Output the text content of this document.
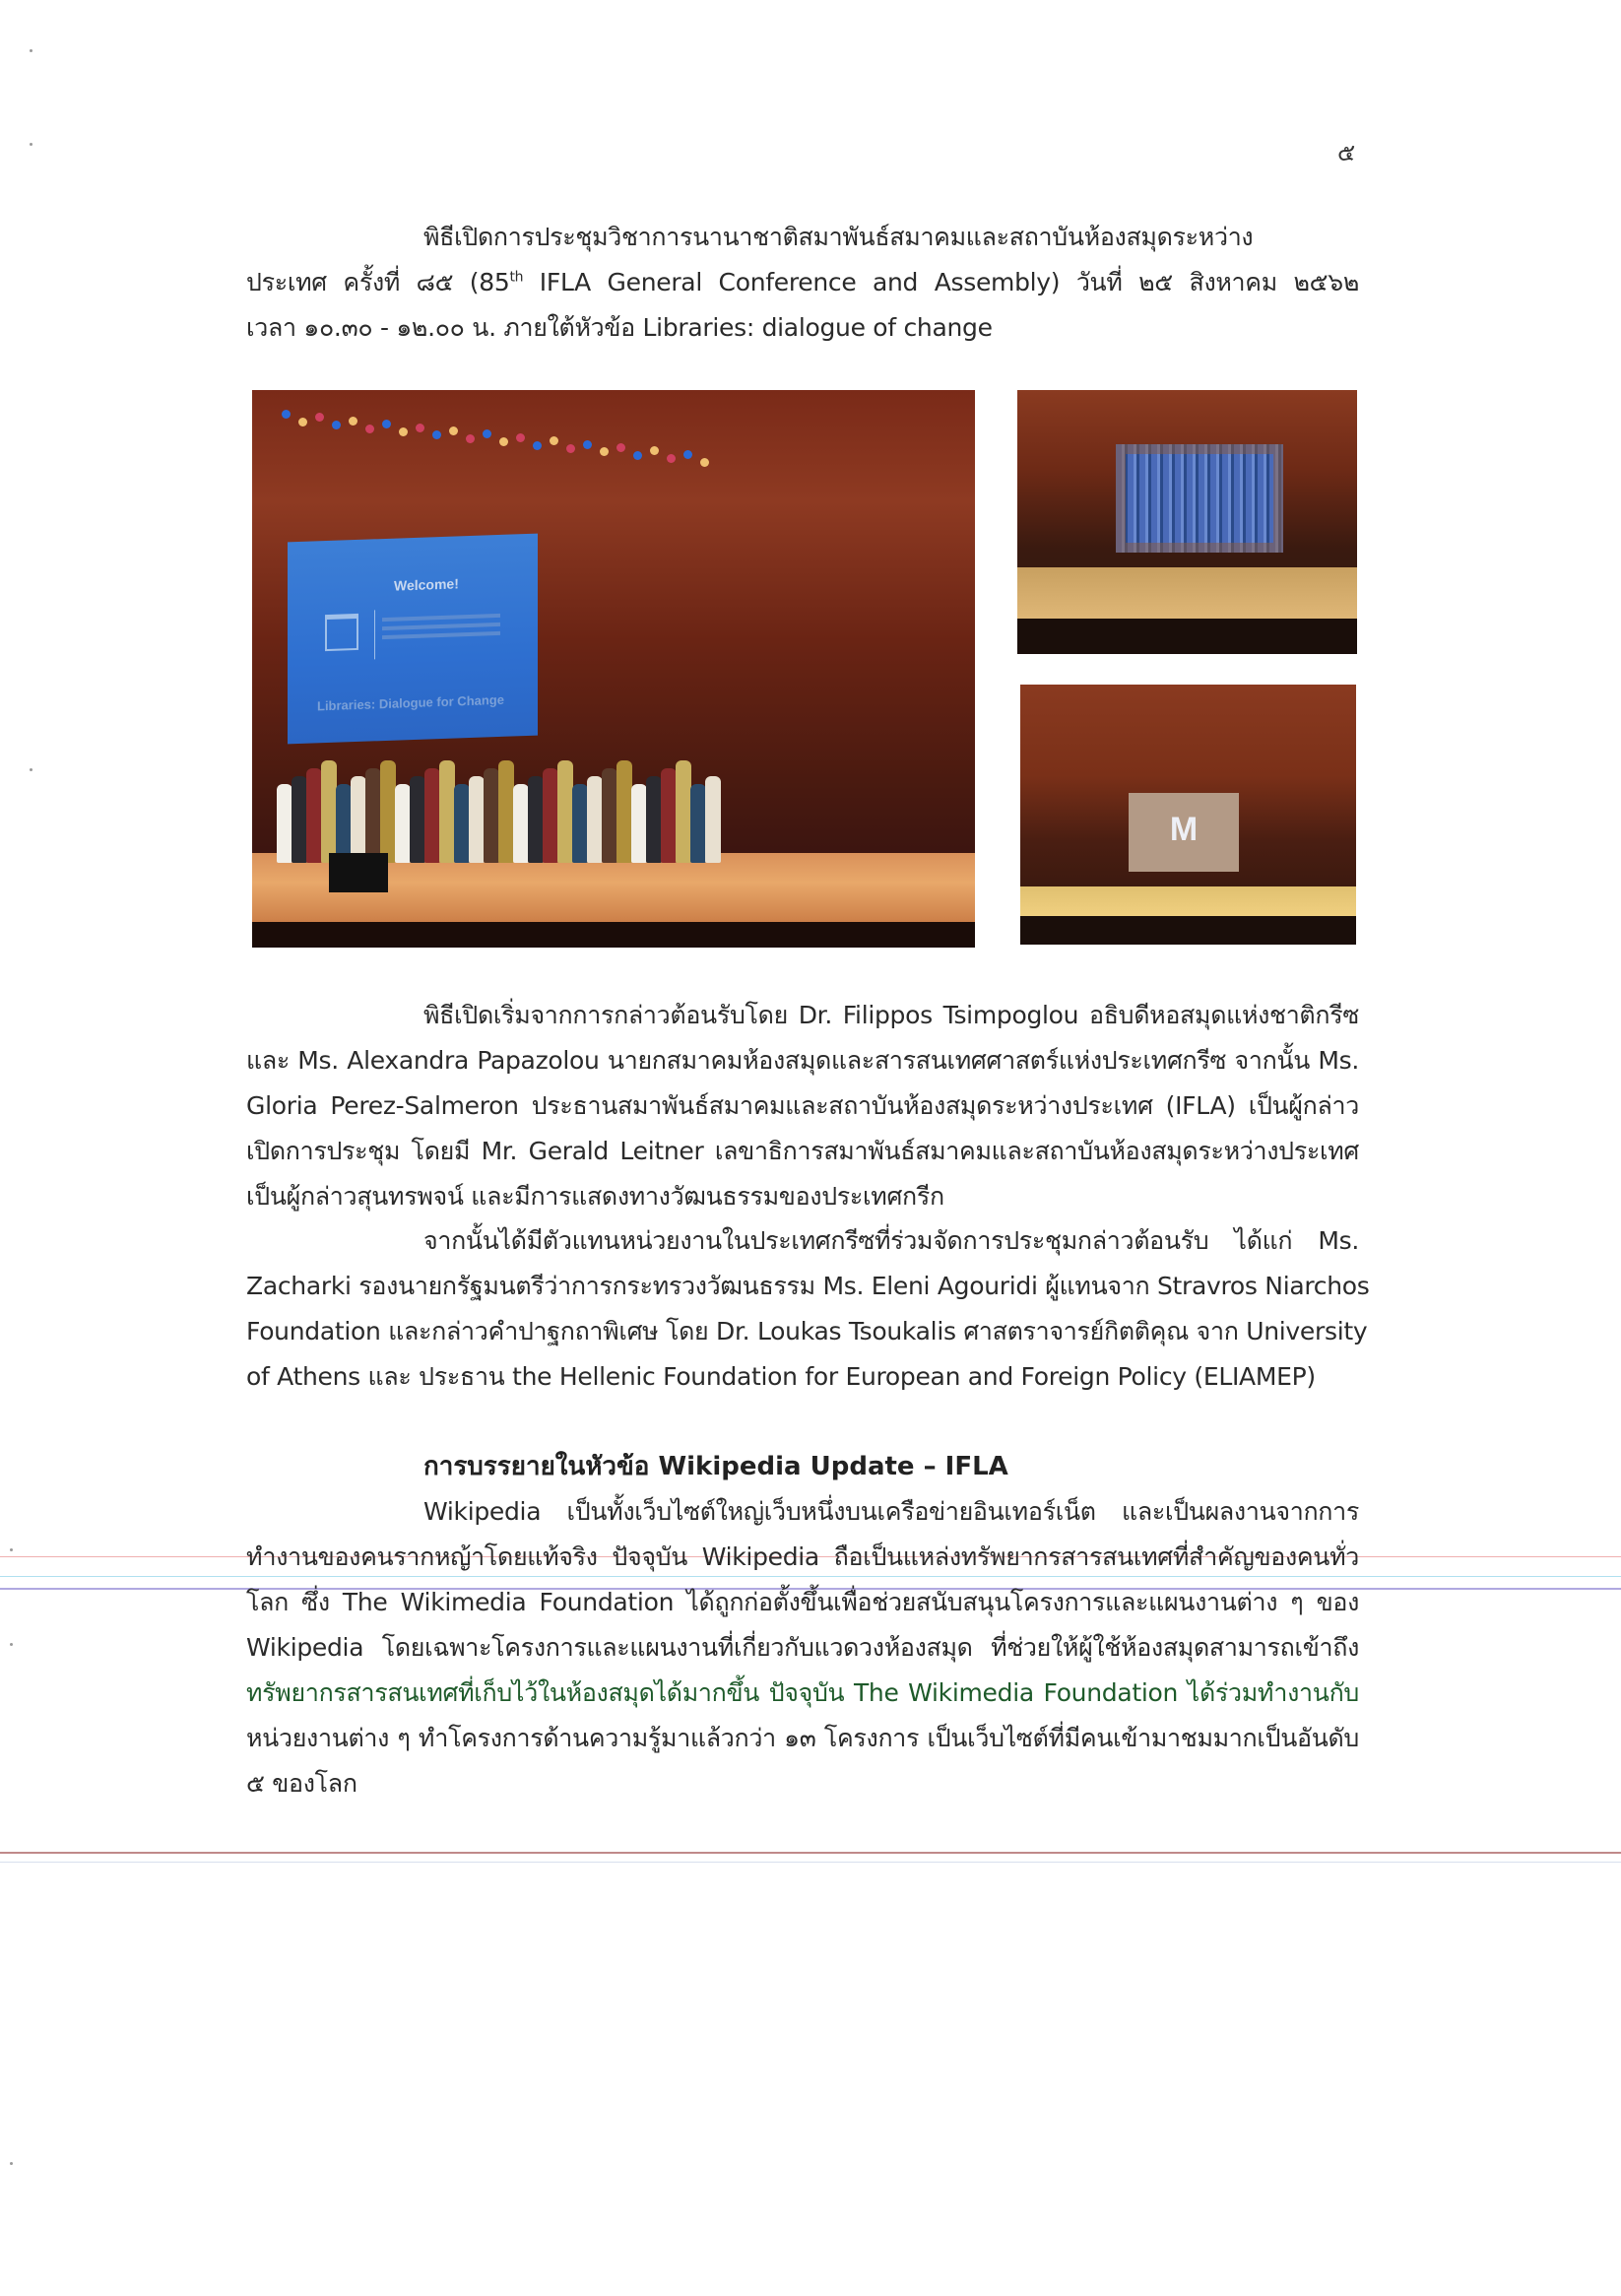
๕
พิธีเปิดการประชุมวิชาการนานาชาติสมาพันธ์สมาคมและสถาบันห้องสมุดระหว่าง
ประเทศ ครั้งที่ ๘๕ (85th IFLA General Conference and Assembly) วันที่ ๒๕ สิงหาคม ๒๕๖๒
เวลา ๑๐.๓๐ - ๑๒.๐๐ น. ภายใต้หัวข้อ Libraries: dialogue of change
Welcome!
Libraries: Dialogue for Change
M
พิธีเปิดเริ่มจากการกล่าวต้อนรับโดย Dr. Filippos Tsimpoglou อธิบดีหอสมุดแห่งชาติกรีซ
และ Ms. Alexandra Papazolou นายกสมาคมห้องสมุดและสารสนเทศศาสตร์แห่งประเทศกรีซ จากนั้น Ms.
Gloria Perez-Salmeron ประธานสมาพันธ์สมาคมและสถาบันห้องสมุดระหว่างประเทศ (IFLA) เป็นผู้กล่าว
เปิดการประชุม โดยมี Mr. Gerald Leitner เลขาธิการสมาพันธ์สมาคมและสถาบันห้องสมุดระหว่างประเทศ
เป็นผู้กล่าวสุนทรพจน์ และมีการแสดงทางวัฒนธรรมของประเทศกรีก
จากนั้นได้มีตัวแทนหน่วยงานในประเทศกรีซที่ร่วมจัดการประชุมกล่าวต้อนรับ ได้แก่ Ms.
Zacharki รองนายกรัฐมนตรีว่าการกระทรวงวัฒนธรรม Ms. Eleni Agouridi ผู้แทนจาก Stravros Niarchos
Foundation และกล่าวคำปาฐกถาพิเศษ โดย Dr. Loukas Tsoukalis ศาสตราจารย์กิตติคุณ จาก University
of Athens และ ประธาน the Hellenic Foundation for European and Foreign Policy (ELIAMEP)
การบรรยายในหัวข้อ Wikipedia Update – IFLA
Wikipedia เป็นทั้งเว็บไซต์ใหญ่เว็บหนึ่งบนเครือข่ายอินเทอร์เน็ต และเป็นผลงานจากการ
ทำงานของคนรากหญ้าโดยแท้จริง ปัจจุบัน Wikipedia ถือเป็นแหล่งทรัพยากรสารสนเทศที่สำคัญของคนทั่ว
โลก ซึ่ง The Wikimedia Foundation ได้ถูกก่อตั้งขึ้นเพื่อช่วยสนับสนุนโครงการและแผนงานต่าง ๆ ของ
Wikipedia โดยเฉพาะโครงการและแผนงานที่เกี่ยวกับแวดวงห้องสมุด ที่ช่วยให้ผู้ใช้ห้องสมุดสามารถเข้าถึง
ทรัพยากรสารสนเทศที่เก็บไว้ในห้องสมุดได้มากขึ้น ปัจจุบัน The Wikimedia Foundation ได้ร่วมทำงานกับ
หน่วยงานต่าง ๆ ทำโครงการด้านความรู้มาแล้วกว่า ๑๓ โครงการ เป็นเว็บไซต์ที่มีคนเข้ามาชมมากเป็นอันดับ
๕ ของโลก
